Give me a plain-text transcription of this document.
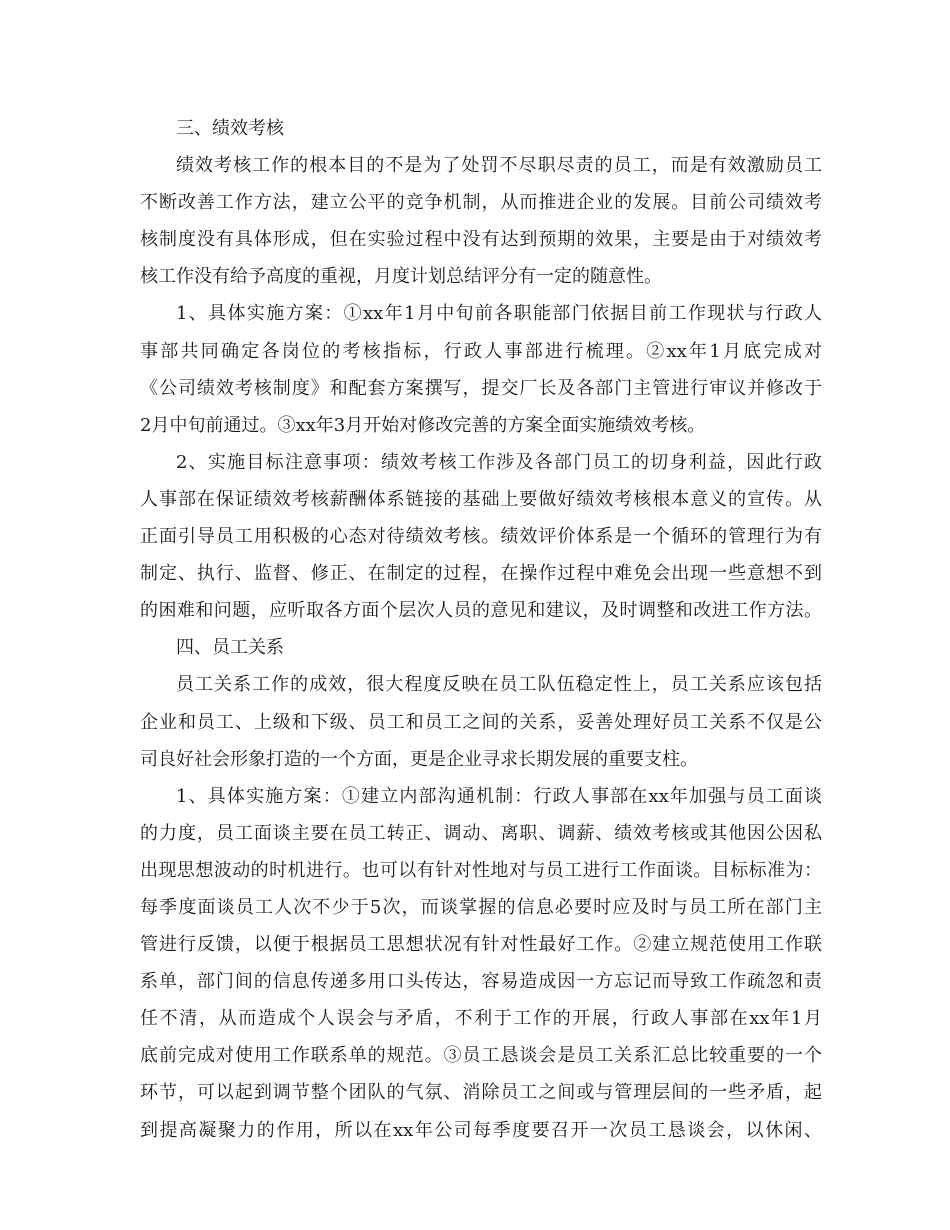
三、绩效考核
绩效考核工作的根本目的不是为了处罚不尽职尽责的员工，而是有效激励员工
不断改善工作方法，建立公平的竞争机制，从而推进企业的发展。目前公司绩效考
核制度没有具体形成，但在实验过程中没有达到预期的效果，主要是由于对绩效考
核工作没有给予高度的重视，月度计划总结评分有一定的随意性。
1、具体实施方案：①xx年1月中旬前各职能部门依据目前工作现状与行政人
事部共同确定各岗位的考核指标，行政人事部进行梳理。②xx年1月底完成对
《公司绩效考核制度》和配套方案撰写，提交厂长及各部门主管进行审议并修改于
2月中旬前通过。③xx年3月开始对修改完善的方案全面实施绩效考核。
2、实施目标注意事项：绩效考核工作涉及各部门员工的切身利益，因此行政
人事部在保证绩效考核薪酬体系链接的基础上要做好绩效考核根本意义的宣传。从
正面引导员工用积极的心态对待绩效考核。绩效评价体系是一个循环的管理行为有
制定、执行、监督、修正、在制定的过程，在操作过程中难免会出现一些意想不到
的困难和问题，应听取各方面个层次人员的意见和建议，及时调整和改进工作方法。
四、员工关系
员工关系工作的成效，很大程度反映在员工队伍稳定性上，员工关系应该包括
企业和员工、上级和下级、员工和员工之间的关系，妥善处理好员工关系不仅是公
司良好社会形象打造的一个方面，更是企业寻求长期发展的重要支柱。
1、具体实施方案：①建立内部沟通机制：行政人事部在xx年加强与员工面谈
的力度，员工面谈主要在员工转正、调动、离职、调薪、绩效考核或其他因公因私
出现思想波动的时机进行。也可以有针对性地对与员工进行工作面谈。目标标准为：
每季度面谈员工人次不少于5次，而谈掌握的信息必要时应及时与员工所在部门主
管进行反馈，以便于根据员工思想状况有针对性最好工作。②建立规范使用工作联
系单，部门间的信息传递多用口头传达，容易造成因一方忘记而导致工作疏忽和责
任不清，从而造成个人误会与矛盾，不利于工作的开展，行政人事部在xx年1月
底前完成对使用工作联系单的规范。③员工恳谈会是员工关系汇总比较重要的一个
环节，可以起到调节整个团队的气氛、消除员工之间或与管理层间的一些矛盾，起
到提高凝聚力的作用，所以在xx年公司每季度要召开一次员工恳谈会，以休闲、
